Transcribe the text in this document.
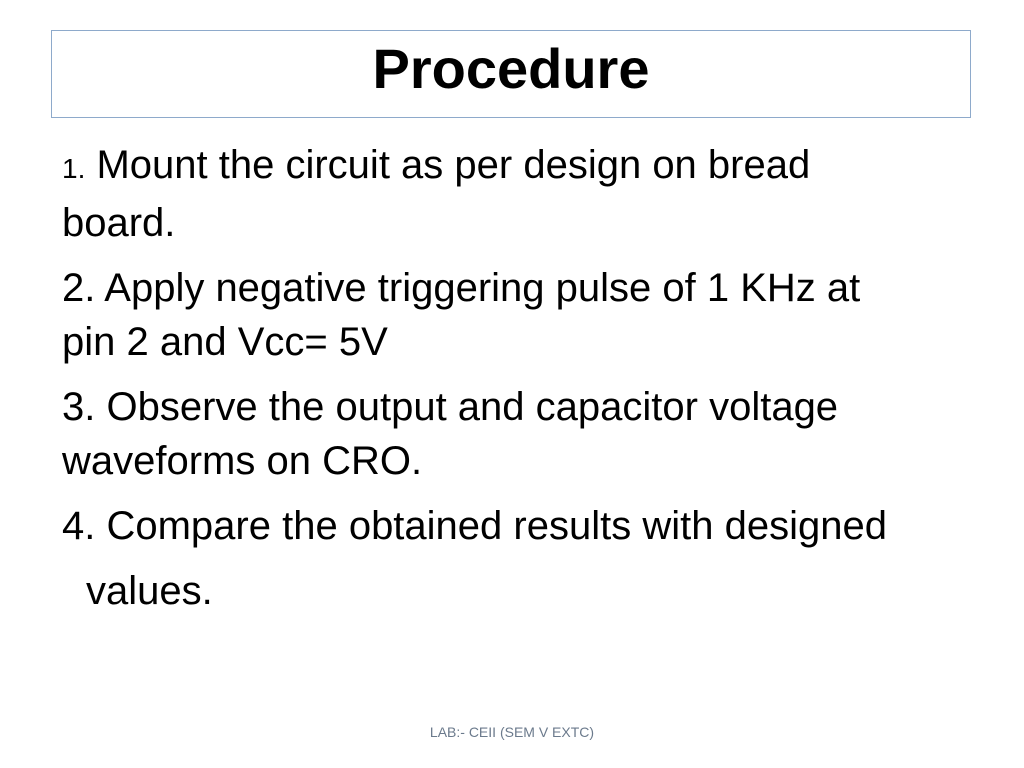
Procedure
1. Mount the circuit as per design on bread
board.
2. Apply negative triggering pulse of 1 KHz at
pin 2 and Vcc= 5V
3. Observe the output and capacitor voltage
waveforms on CRO.
4. Compare the obtained results with designed
values.
LAB:- CEII (SEM V EXTC)
